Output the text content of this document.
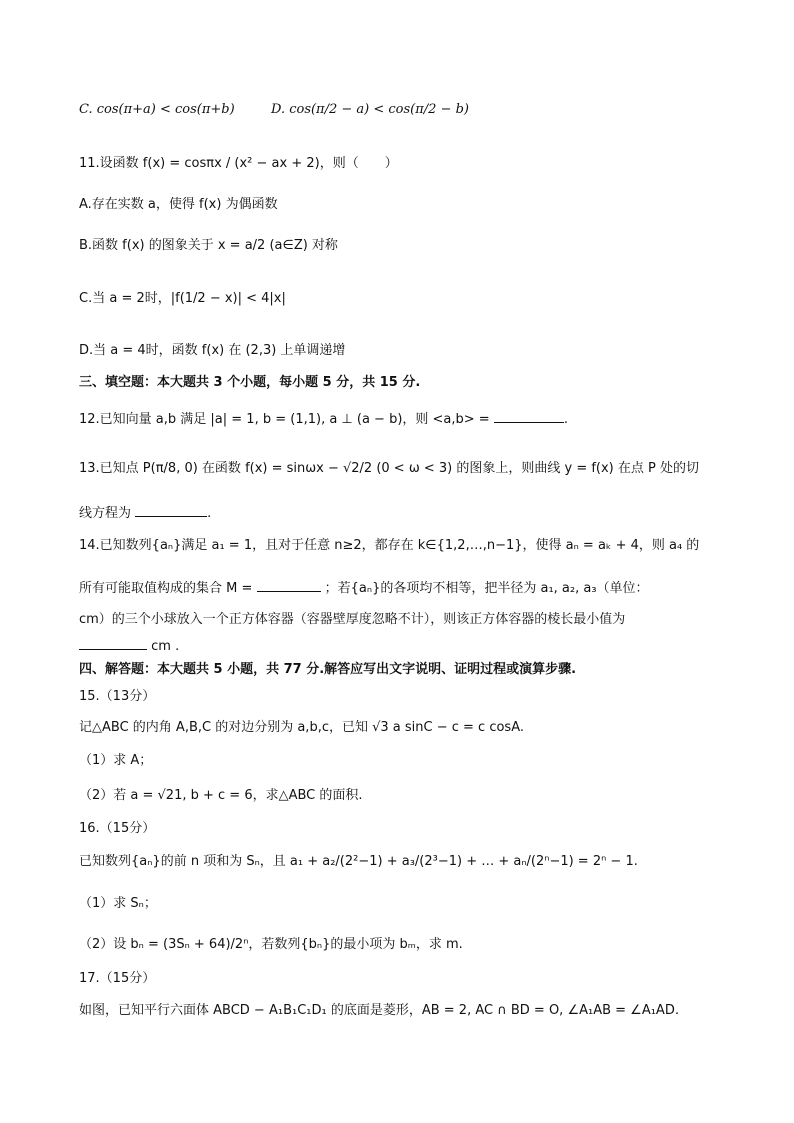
C. cos(π+a) < cos(π+b)	D. cos(π/2 − a) < cos(π/2 − b)
11.设函数 f(x) = cosπx / (x² − ax + 2)，则（　　）
A.存在实数 a，使得 f(x) 为偶函数
B.函数 f(x) 的图象关于 x = a/2 (a∈Z) 对称
C.当 a = 2时，|f(1/2 − x)| < 4|x|
D.当 a = 4时，函数 f(x) 在 (2,3) 上单调递增
三、填空题：本大题共 3 个小题，每小题 5 分，共 15 分.
12.已知向量 a,b 满足 |a| = 1, b = (1,1), a ⊥ (a − b)，则 <a,b> =	.
13.已知点 P(π/8, 0) 在函数 f(x) = sinωx − √2/2 (0 < ω < 3) 的图象上，则曲线 y = f(x) 在点 P 处的切
线方程为	.
14.已知数列{aₙ}满足 a₁ = 1，且对于任意 n≥2，都存在 k∈{1,2,…,n−1}，使得 aₙ = aₖ + 4，则 a₄ 的
所有可能取值构成的集合 M =	；若{aₙ}的各项均不相等，把半径为 a₁, a₂, a₃（单位：
cm）的三个小球放入一个正方体容器（容器壁厚度忽略不计），则该正方体容器的棱长最小值为
cm .
四、解答题：本大题共 5 小题，共 77 分.解答应写出文字说明、证明过程或演算步骤.
15.（13分）
记△ABC 的内角 A,B,C 的对边分别为 a,b,c，已知 √3 a sinC − c = c cosA.
（1）求 A；
（2）若 a = √21, b + c = 6，求△ABC 的面积.
16.（15分）
已知数列{aₙ}的前 n 项和为 Sₙ，且 a₁ + a₂/(2²−1) + a₃/(2³−1) + … + aₙ/(2ⁿ−1) = 2ⁿ − 1.
（1）求 Sₙ；
（2）设 bₙ = (3Sₙ + 64)/2ⁿ，若数列{bₙ}的最小项为 bₘ，求 m.
17.（15分）
如图，已知平行六面体 ABCD − A₁B₁C₁D₁ 的底面是菱形，AB = 2, AC ∩ BD = O, ∠A₁AB = ∠A₁AD.
